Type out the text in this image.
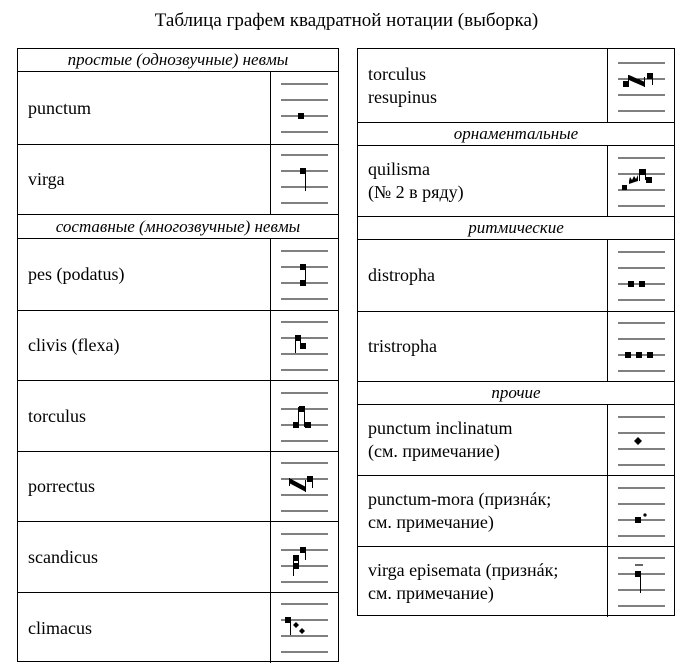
Таблица графем квадратной нотации (выборка)
простые (однозвучные) невмы
punctum
virga
составные (многозвучные) невмы
pes (podatus)
clivis (flexa)
torculus
porrectus
scandicus
climacus
torculus
resupinus
орнаментальные
quilisma
(№ 2 в ряду)
ритмические
distropha
tristropha
прочие
punctum inclinatum
(см. примечание)
punctum-mora (признáк;
см. примечание)
virga episemata (признáк;
см. примечание)
